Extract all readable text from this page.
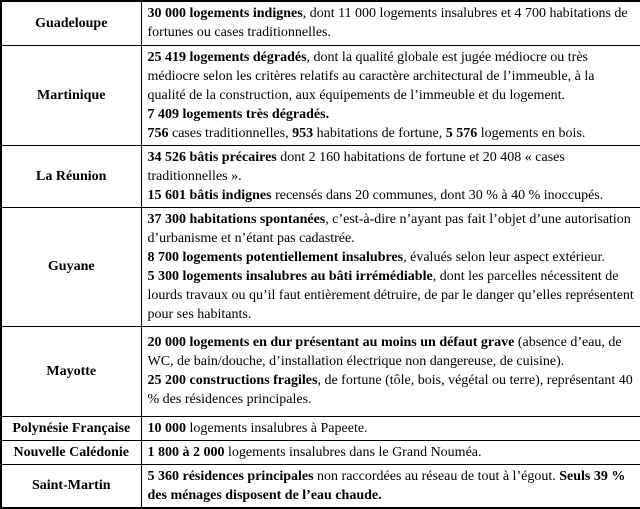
Guadeloupe	30 000 logements indignes, dont 11 000 logements insalubres et 4 700 habitations de fortunes ou cases traditionnelles.

Martinique	25 419 logements dégradés, dont la qualité globale est jugée médiocre ou très médiocre selon les critères relatifs au caractère architectural de l’immeuble, à la qualité de la construction, aux équipements de l’immeuble et du logement.
7 409 logements très dégradés.
756 cases traditionnelles, 953 habitations de fortune, 5 576 logements en bois.

La Réunion	34 526 bâtis précaires dont 2 160 habitations de fortune et 20 408 « cases traditionnelles ».
15 601 bâtis indignes recensés dans 20 communes, dont 30 % à 40 % inoccupés.

Guyane	37 300 habitations spontanées, c’est-à-dire n’ayant pas fait l’objet d’une autorisation d’urbanisme et n’étant pas cadastrée.
8 700 logements potentiellement insalubres, évalués selon leur aspect extérieur.
5 300 logements insalubres au bâti irrémédiable, dont les parcelles nécessitent de lourds travaux ou qu’il faut entièrement détruire, de par le danger qu’elles représentent pour ses habitants.

Mayotte	20 000 logements en dur présentant au moins un défaut grave (absence d’eau, de WC, de bain/douche, d’installation électrique non dangereuse, de cuisine).
25 200 constructions fragiles, de fortune (tôle, bois, végétal ou terre), représentant 40 % des résidences principales.

Polynésie Française	10 000 logements insalubres à Papeete.

Nouvelle Calédonie	1 800 à 2 000 logements insalubres dans le Grand Nouméa.

Saint-Martin	5 360 résidences principales non raccordées au réseau de tout à l’égout. Seuls 39 % des ménages disposent de l’eau chaude.
